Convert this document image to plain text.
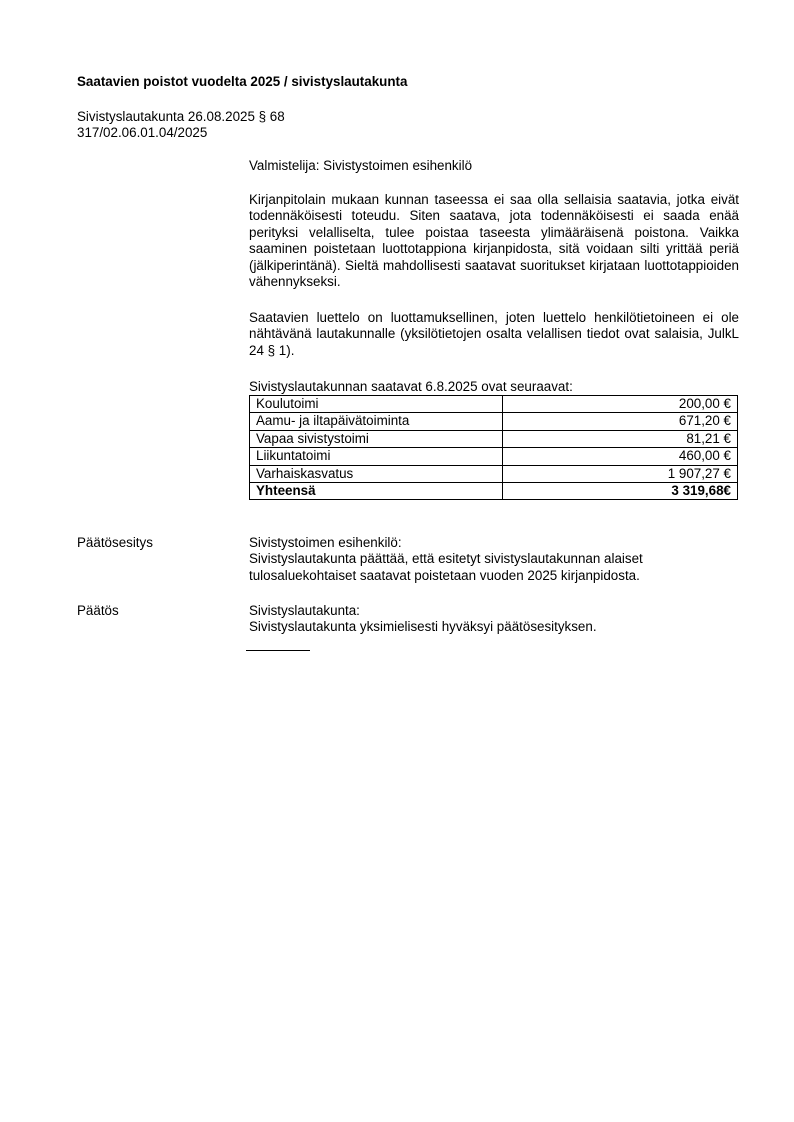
Saatavien poistot vuodelta 2025 / sivistyslautakunta
Sivistyslautakunta 26.08.2025 § 68
317/02.06.01.04/2025
Valmistelija: Sivistystoimen esihenkilö

Kirjanpitolain mukaan kunnan taseessa ei saa olla sellaisia saatavia, jotka eivät todennäköisesti toteudu. Siten saatava, jota todennäköisesti ei saada enää perityksi velalliselta, tulee poistaa taseesta ylimääräisenä poistona. Vaikka saaminen poistetaan luottotappiona kirjanpidosta, sitä voidaan silti yrittää periä (jälkiperintänä). Sieltä mahdollisesti saatavat suoritukset kirjataan luottotappioiden vähennykseksi.

Saatavien luettelo on luottamuksellinen, joten luettelo henkilötietoineen ei ole nähtävänä lautakunnalle (yksilötietojen osalta velallisen tiedot ovat salaisia, JulkL 24 § 1).

Sivistyslautakunnan saatavat 6.8.2025 ovat seuraavat:
Koulutoimi	200,00 €
Aamu- ja iltapäivätoiminta	671,20 €
Vapaa sivistystoimi	81,21 €
Liikuntatoimi	460,00 €
Varhaiskasvatus	1 907,27 €
Yhteensä	3 319,68€
Päätösesitys	Sivistystoimen esihenkilö:
Sivistyslautakunta päättää, että esitetyt sivistyslautakunnan alaiset tulosaluekohtaiset saatavat poistetaan vuoden 2025 kirjanpidosta.
Päätös	Sivistyslautakunta:
Sivistyslautakunta yksimielisesti hyväksyi päätösesityksen.
